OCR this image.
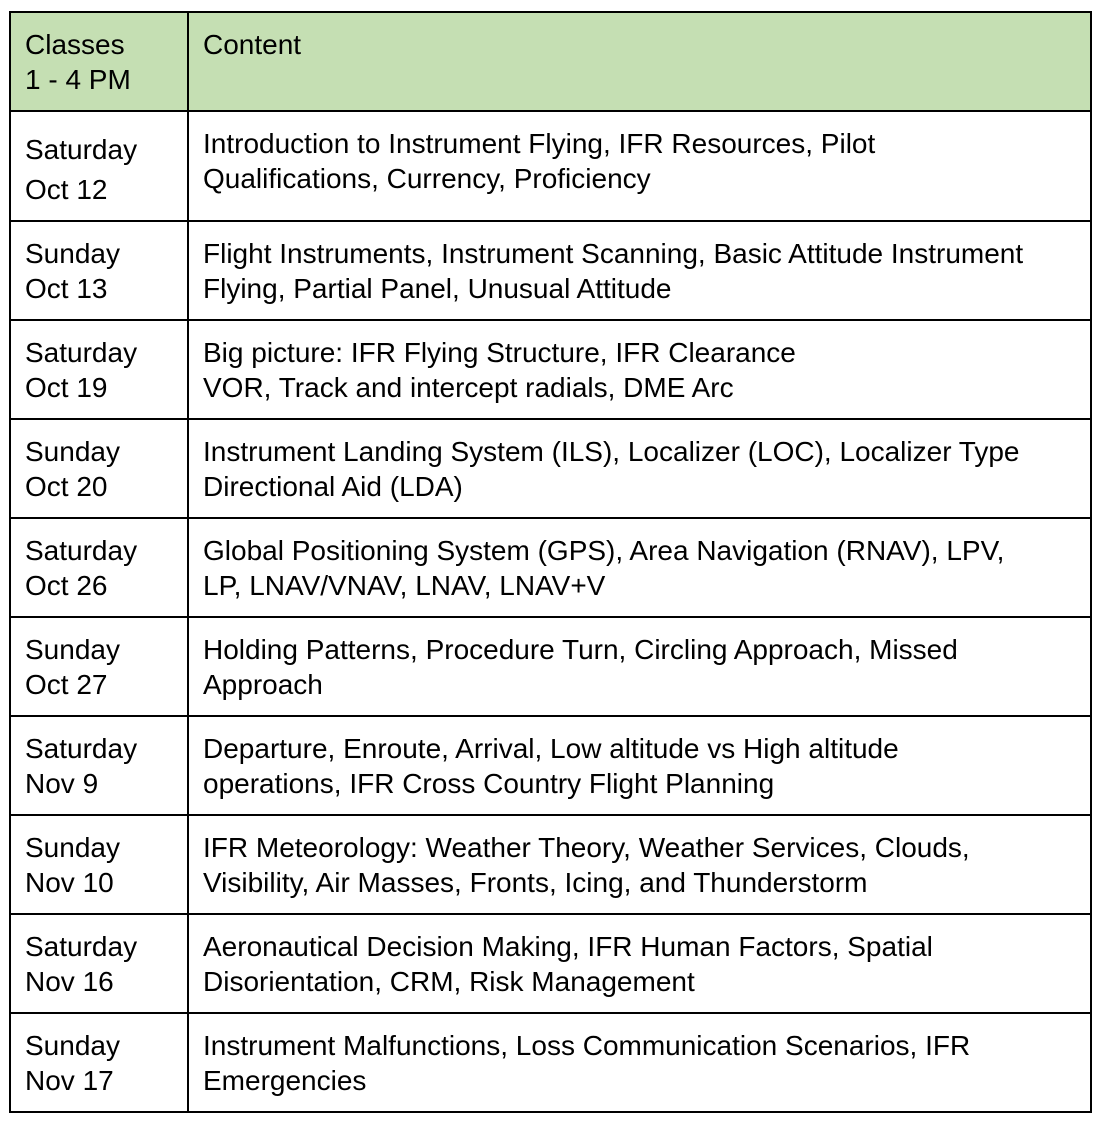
Classes
1 - 4 PM	Content

Saturday
Oct 12	Introduction to Instrument Flying, IFR Resources, Pilot
Qualifications, Currency, Proficiency

Sunday
Oct 13	Flight Instruments, Instrument Scanning, Basic Attitude Instrument
Flying, Partial Panel, Unusual Attitude

Saturday
Oct 19	Big picture: IFR Flying Structure, IFR Clearance
VOR, Track and intercept radials, DME Arc

Sunday
Oct 20	Instrument Landing System (ILS), Localizer (LOC), Localizer Type
Directional Aid (LDA)

Saturday
Oct 26	Global Positioning System (GPS), Area Navigation (RNAV), LPV,
LP, LNAV/VNAV, LNAV, LNAV+V

Sunday
Oct 27	Holding Patterns, Procedure Turn, Circling Approach, Missed
Approach

Saturday
Nov 9	Departure, Enroute, Arrival, Low altitude vs High altitude
operations, IFR Cross Country Flight Planning

Sunday
Nov 10	IFR Meteorology: Weather Theory, Weather Services, Clouds,
Visibility, Air Masses, Fronts, Icing, and Thunderstorm

Saturday
Nov 16	Aeronautical Decision Making, IFR Human Factors, Spatial
Disorientation, CRM, Risk Management

Sunday
Nov 17	Instrument Malfunctions, Loss Communication Scenarios, IFR
Emergencies
